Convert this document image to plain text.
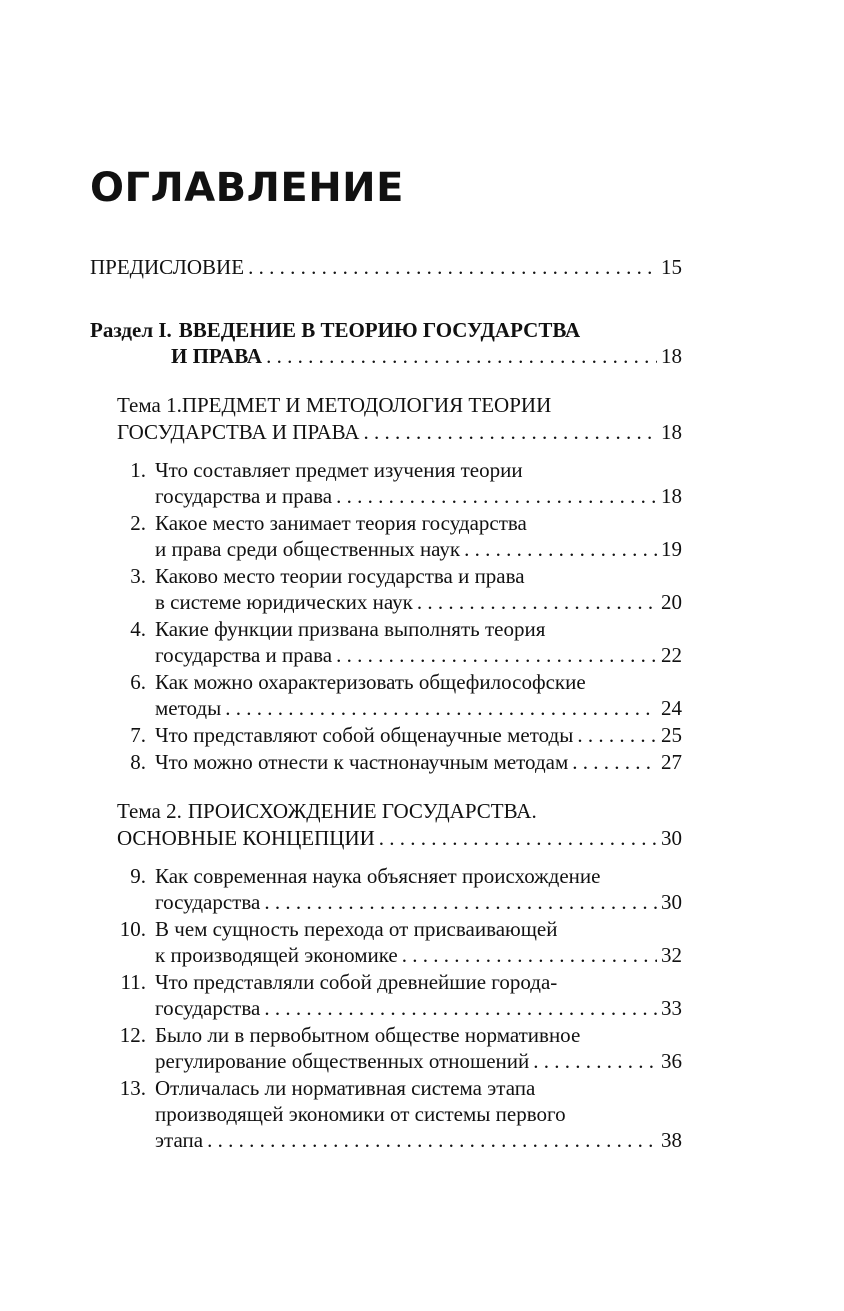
ОГЛАВЛЕНИЕ
ПРЕДИСЛОВИЕ . . .	15
Раздел I. ВВЕДЕНИЕ В ТЕОРИЮ ГОСУДАРСТВА
И ПРАВА . . .	18
Тема 1. ПРЕДМЕТ И МЕТОДОЛОГИЯ ТЕОРИИ
ГОСУДАРСТВА И ПРАВА . . .	18
1. Что составляет предмет изучения теории
государства и права . . .	18
2. Какое место занимает теория государства
и права среди общественных наук . . .	19
3. Каково место теории государства и права
в системе юридических наук . . .	20
4. Какие функции призвана выполнять теория
государства и права . . .	22
6. Как можно охарактеризовать общефилософские
методы . . .	24
7. Что представляют собой общенаучные методы . . .	25
8. Что можно отнести к частнонаучным методам . . .	27
Тема 2. ПРОИСХОЖДЕНИЕ ГОСУДАРСТВА.
ОСНОВНЫЕ КОНЦЕПЦИИ . . .	30
9. Как современная наука объясняет происхождение
государства . . .	30
10. В чем сущность перехода от присваивающей
к производящей экономике . . .	32
11. Что представляли собой древнейшие города-
государства . . .	33
12. Было ли в первобытном обществе нормативное
регулирование общественных отношений . . .	36
13. Отличалась ли нормативная система этапа
производящей экономики от системы первого
этапа . . .	38
